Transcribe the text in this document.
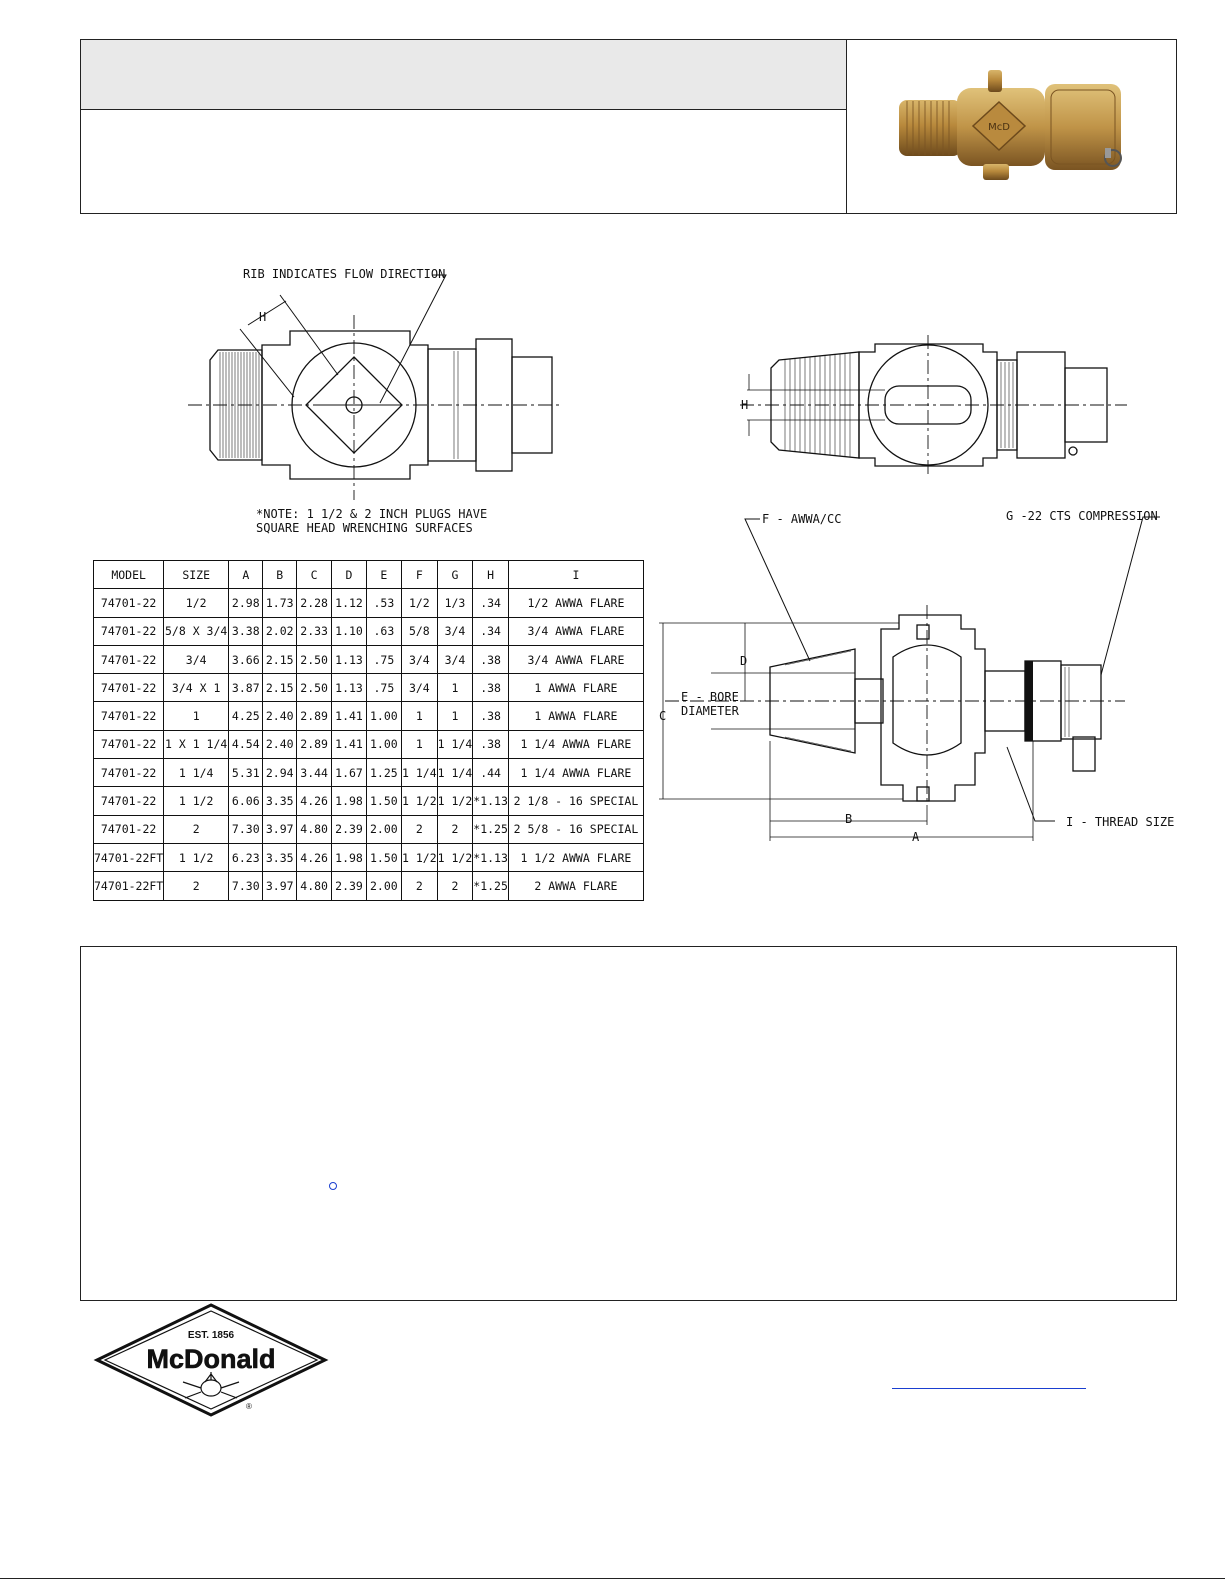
McD
RIB INDICATES FLOW DIRECTION
H
*NOTE: 1 1/2 & 2 INCH PLUGS HAVE
SQUARE HEAD WRENCHING SURFACES
H
F - AWWA/CC	G -22 CTS COMPRESSION
D
C
E - BORE
DIAMETER
B
A
I - THREAD SIZE
MODEL	SIZE	A	B	C	D	E	F	G	H	I
74701-22	1/2	2.98	1.73	2.28	1.12	.53	1/2	1/3	.34	1/2 AWWA FLARE
74701-22	5/8 X 3/4	3.38	2.02	2.33	1.10	.63	5/8	3/4	.34	3/4 AWWA FLARE
74701-22	3/4	3.66	2.15	2.50	1.13	.75	3/4	3/4	.38	3/4 AWWA FLARE
74701-22	3/4 X 1	3.87	2.15	2.50	1.13	.75	3/4	1	.38	1 AWWA FLARE
74701-22	1	4.25	2.40	2.89	1.41	1.00	1	1	.38	1 AWWA FLARE
74701-22	1 X 1 1/4	4.54	2.40	2.89	1.41	1.00	1	1 1/4	.38	1 1/4 AWWA FLARE
74701-22	1 1/4	5.31	2.94	3.44	1.67	1.25	1 1/4	1 1/4	.44	1 1/4 AWWA FLARE
74701-22	1 1/2	6.06	3.35	4.26	1.98	1.50	1 1/2	1 1/2	*1.13	2 1/8 - 16 SPECIAL
74701-22	2	7.30	3.97	4.80	2.39	2.00	2	2	*1.25	2 5/8 - 16 SPECIAL
74701-22FT	1 1/2	6.23	3.35	4.26	1.98	1.50	1 1/2	1 1/2	*1.13	1 1/2 AWWA FLARE
74701-22FT	2	7.30	3.97	4.80	2.39	2.00	2	2	*1.25	2 AWWA FLARE
EST. 1856
McDonald
®
